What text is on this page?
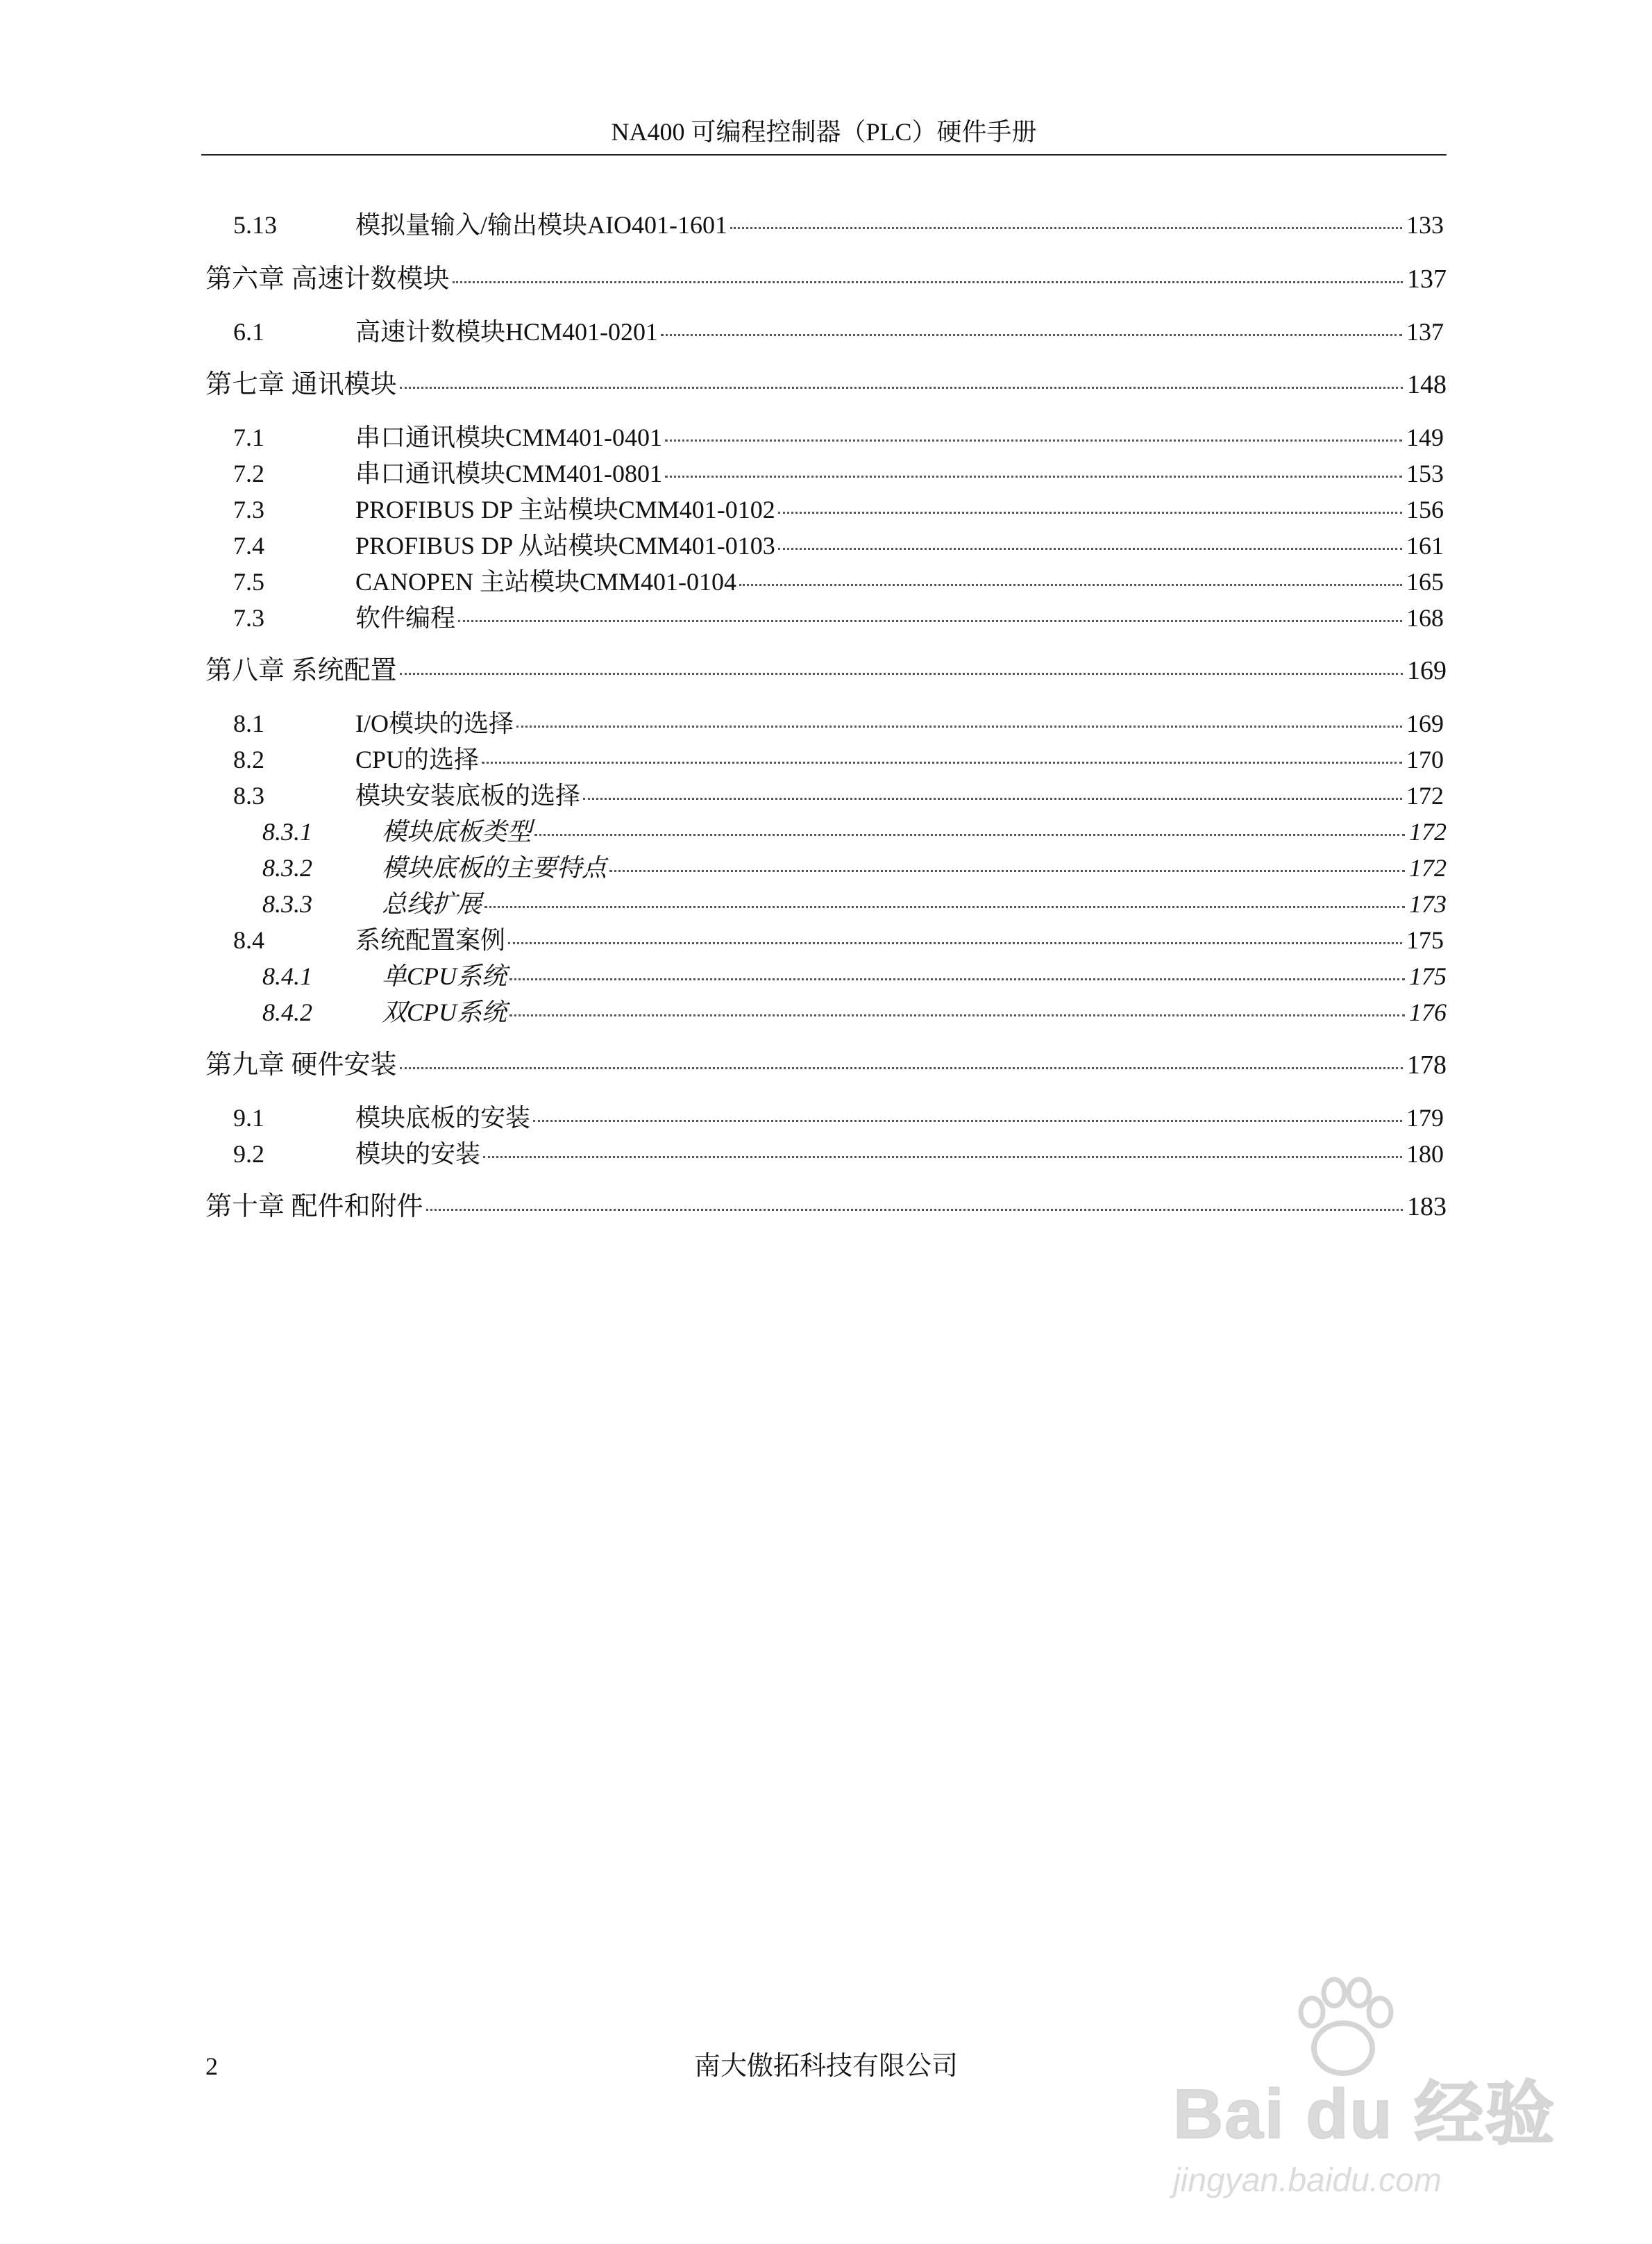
NA400 可编程控制器（PLC）硬件手册
5.13	模拟量输入/输出模块AIO401-1601	133
第六章 高速计数模块	137
6.1	高速计数模块HCM401-0201	137
第七章 通讯模块	148
7.1	串口通讯模块CMM401-0401	149
7.2	串口通讯模块CMM401-0801	153
7.3	PROFIBUS DP 主站模块CMM401-0102	156
7.4	PROFIBUS DP 从站模块CMM401-0103	161
7.5	CANOPEN 主站模块CMM401-0104	165
7.3	软件编程	168
第八章 系统配置	169
8.1	I/O模块的选择	169
8.2	CPU的选择	170
8.3	模块安装底板的选择	172
8.3.1	模块底板类型	172
8.3.2	模块底板的主要特点	172
8.3.3	总线扩展	173
8.4	系统配置案例	175
8.4.1	单CPU系统	175
8.4.2	双CPU系统	176
第九章 硬件安装	178
9.1	模块底板的安装	179
9.2	模块的安装	180
第十章 配件和附件	183
2	南大傲拓科技有限公司
Bai du 经验
jingyan.baidu.com
